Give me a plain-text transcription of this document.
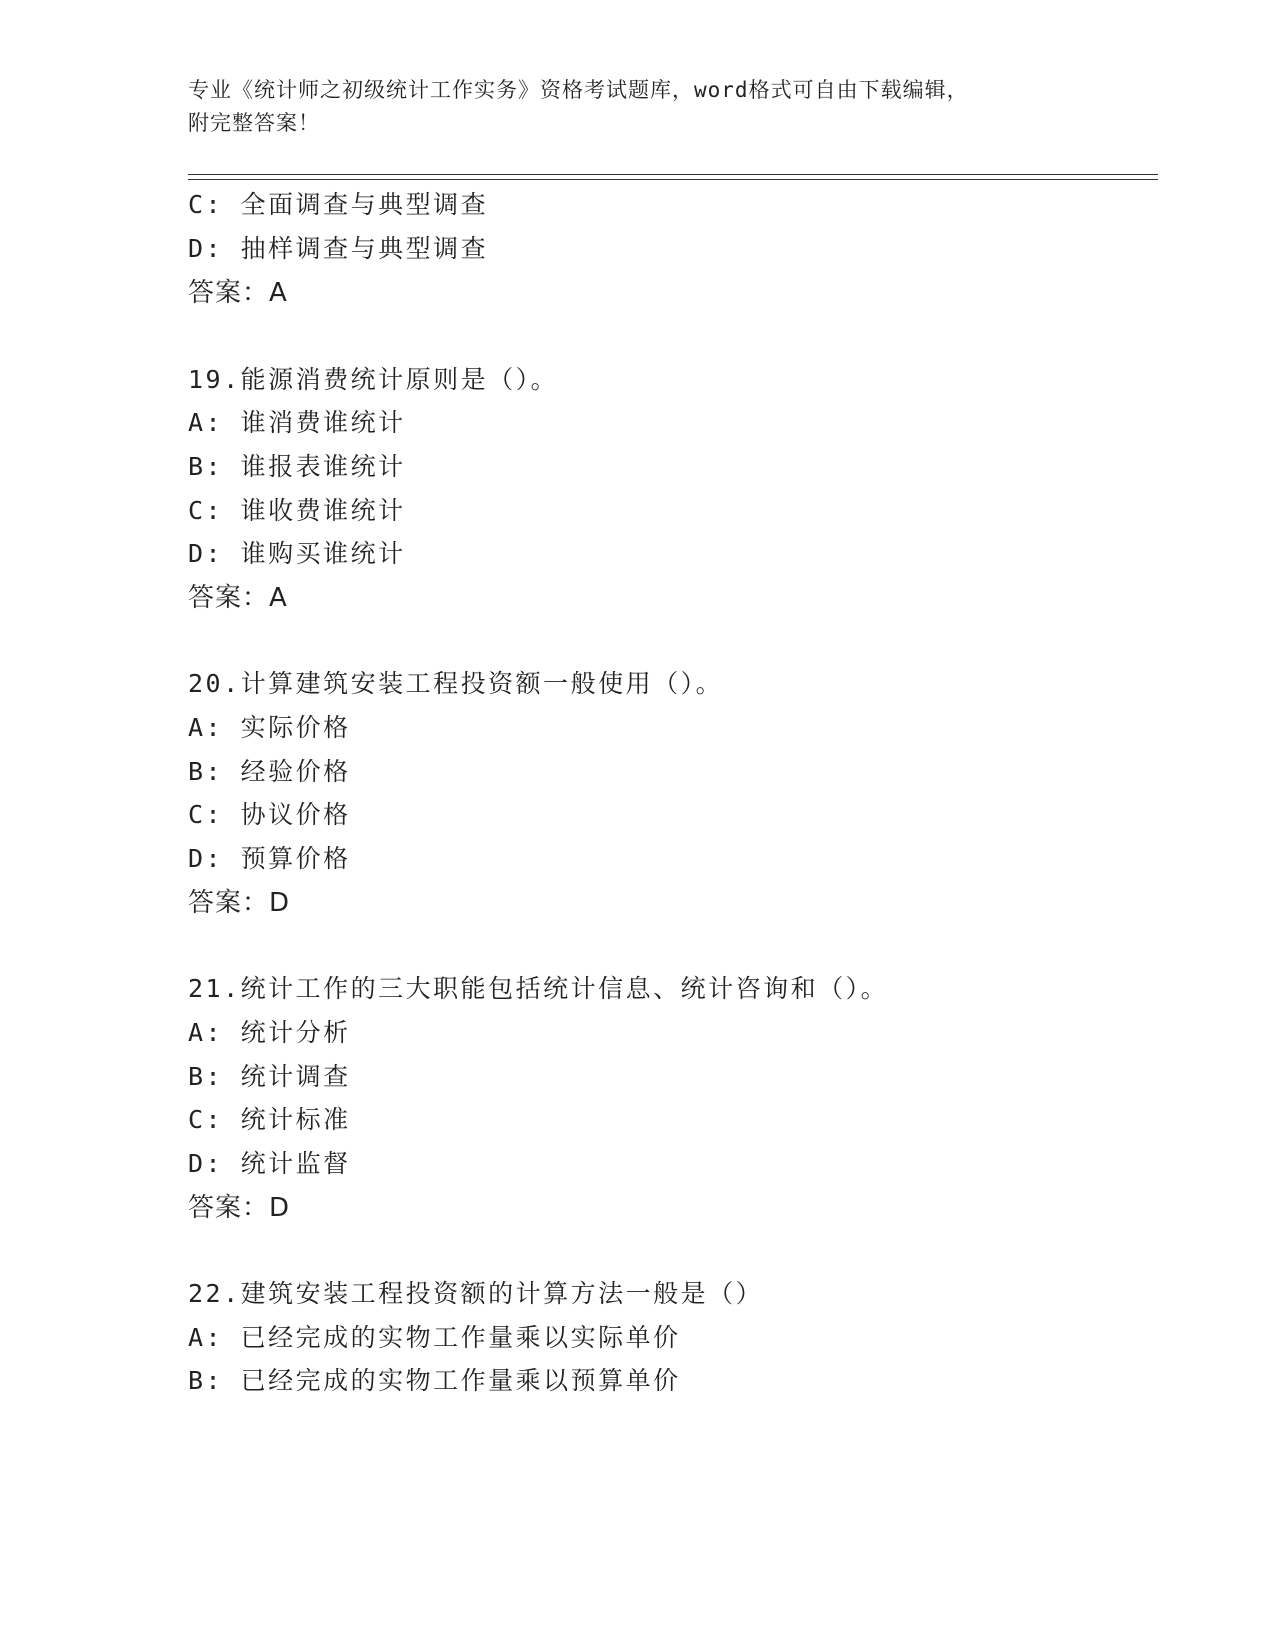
专业《统计师之初级统计工作实务》资格考试题库，word格式可自由下载编辑，
附完整答案！
C: 全面调查与典型调查
D: 抽样调查与典型调查
答案：A
19.能源消费统计原则是（）。
A: 谁消费谁统计
B: 谁报表谁统计
C: 谁收费谁统计
D: 谁购买谁统计
答案：A
20.计算建筑安装工程投资额一般使用（）。
A: 实际价格
B: 经验价格
C: 协议价格
D: 预算价格
答案：D
21.统计工作的三大职能包括统计信息、统计咨询和（）。
A: 统计分析
B: 统计调查
C: 统计标准
D: 统计监督
答案：D
22.建筑安装工程投资额的计算方法一般是（）
A: 已经完成的实物工作量乘以实际单价
B: 已经完成的实物工作量乘以预算单价
